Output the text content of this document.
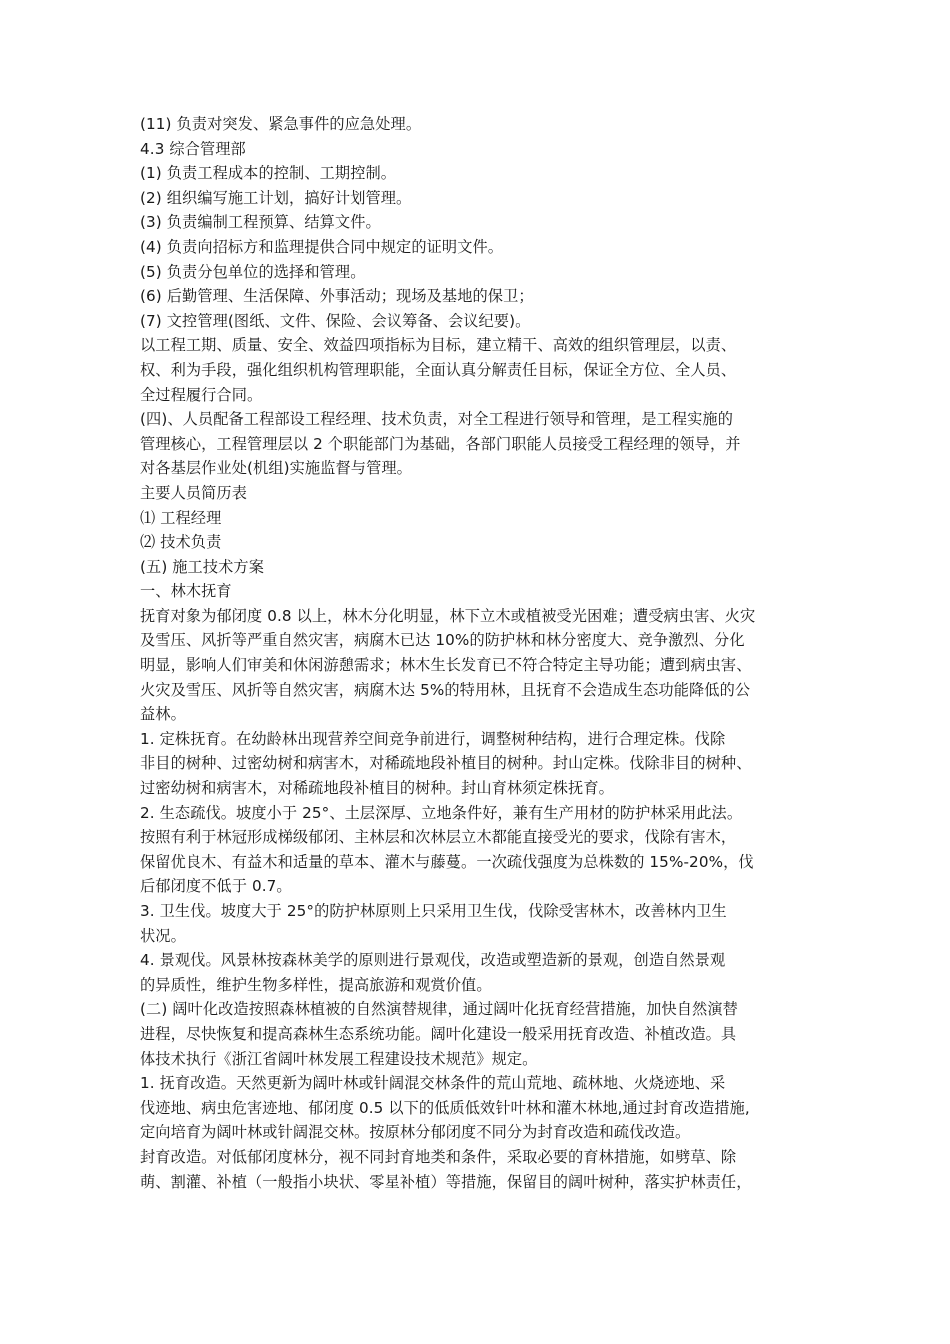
(11) 负责对突发、紧急事件的应急处理。
4.3 综合管理部
(1) 负责工程成本的控制、工期控制。
(2) 组织编写施工计划，搞好计划管理。
(3) 负责编制工程预算、结算文件。
(4) 负责向招标方和监理提供合同中规定的证明文件。
(5) 负责分包单位的选择和管理。
(6) 后勤管理、生活保障、外事活动；现场及基地的保卫；
(7) 文控管理(图纸、文件、保险、会议筹备、会议纪要)。
以工程工期、质量、安全、效益四项指标为目标，建立精干、高效的组织管理层，以责、
权、利为手段，强化组织机构管理职能，全面认真分解责任目标，保证全方位、全人员、
全过程履行合同。
(四)、人员配备工程部设工程经理、技术负责，对全工程进行领导和管理，是工程实施的
管理核心，工程管理层以 2 个职能部门为基础，各部门职能人员接受工程经理的领导，并
对各基层作业处(机组)实施监督与管理。
主要人员简历表
⑴ 工程经理
⑵ 技术负责
(五) 施工技术方案
一、林木抚育
抚育对象为郁闭度 0.8 以上，林木分化明显，林下立木或植被受光困难；遭受病虫害、火灾
及雪压、风折等严重自然灾害，病腐木已达 10%的防护林和林分密度大、竞争激烈、分化
明显，影响人们审美和休闲游憩需求；林木生长发育已不符合特定主导功能；遭到病虫害、
火灾及雪压、风折等自然灾害，病腐木达 5%的特用林，且抚育不会造成生态功能降低的公
益林。
1. 定株抚育。在幼龄林出现营养空间竞争前进行，调整树种结构，进行合理定株。伐除
非目的树种、过密幼树和病害木，对稀疏地段补植目的树种。封山定株。伐除非目的树种、
过密幼树和病害木，对稀疏地段补植目的树种。封山育林须定株抚育。
2. 生态疏伐。坡度小于 25°、土层深厚、立地条件好，兼有生产用材的防护林采用此法。
按照有利于林冠形成梯级郁闭、主林层和次林层立木都能直接受光的要求，伐除有害木，
保留优良木、有益木和适量的草本、灌木与藤蔓。一次疏伐强度为总株数的 15%-20%，伐
后郁闭度不低于 0.7。
3. 卫生伐。坡度大于 25°的防护林原则上只采用卫生伐，伐除受害林木，改善林内卫生
状况。
4. 景观伐。风景林按森林美学的原则进行景观伐，改造或塑造新的景观，创造自然景观
的异质性，维护生物多样性，提高旅游和观赏价值。
(二) 阔叶化改造按照森林植被的自然演替规律，通过阔叶化抚育经营措施，加快自然演替
进程，尽快恢复和提高森林生态系统功能。阔叶化建设一般采用抚育改造、补植改造。具
体技术执行《浙江省阔叶林发展工程建设技术规范》规定。
1. 抚育改造。天然更新为阔叶林或针阔混交林条件的荒山荒地、疏林地、火烧迹地、采
伐迹地、病虫危害迹地、郁闭度 0.5 以下的低质低效针叶林和灌木林地,通过封育改造措施,
定向培育为阔叶林或针阔混交林。按原林分郁闭度不同分为封育改造和疏伐改造。
封育改造。对低郁闭度林分，视不同封育地类和条件，采取必要的育林措施，如劈草、除
萌、割灌、补植（一般指小块状、零星补植）等措施，保留目的阔叶树种，落实护林责任，
